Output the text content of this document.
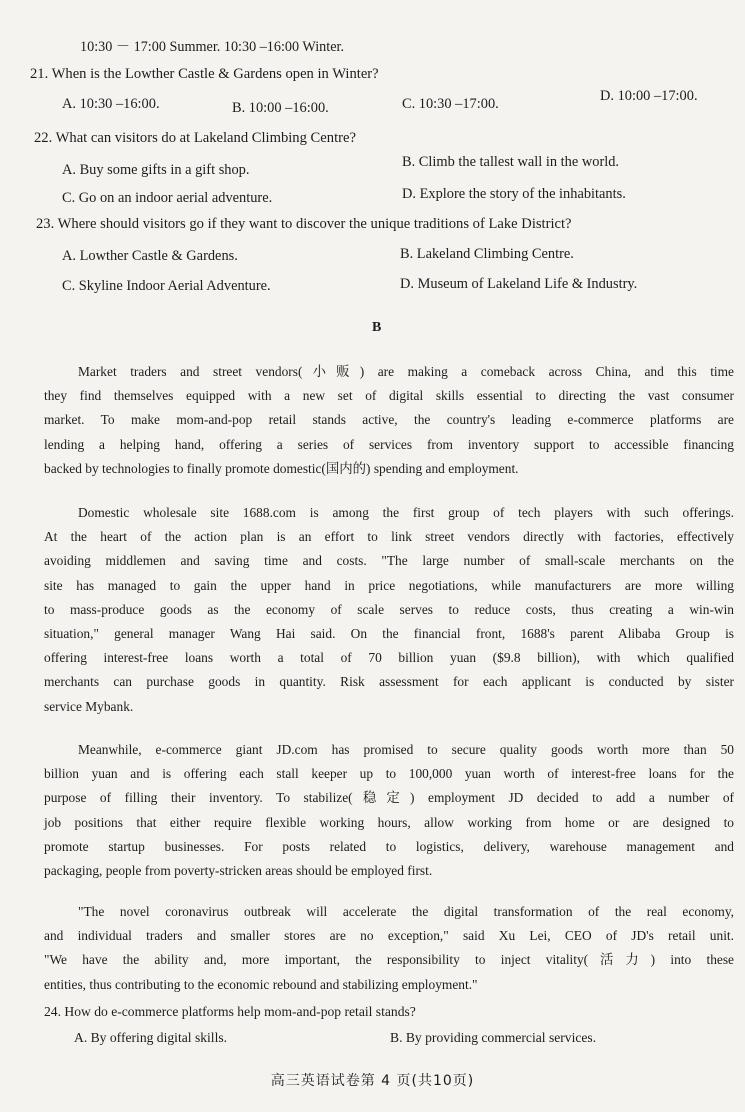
10:30 － 17:00 Summer. 10:30 –16:00 Winter.
21. When is the Lowther Castle & Gardens open in Winter?
A. 10:30 –16:00.	B. 10:00 –16:00.	C. 10:30 –17:00.	D. 10:00 –17:00.
22. What can visitors do at Lakeland Climbing Centre?
A. Buy some gifts in a gift shop.	B. Climb the tallest wall in the world.
C. Go on an indoor aerial adventure.	D. Explore the story of the inhabitants.
23. Where should visitors go if they want to discover the unique traditions of Lake District?
A. Lowther Castle & Gardens.	B. Lakeland Climbing Centre.
C. Skyline Indoor Aerial Adventure.	D. Museum of Lakeland Life & Industry.
B
Market traders and street vendors(小贩) are making a comeback across China, and this time
they find themselves equipped with a new set of digital skills essential to directing the vast consumer
market. To make mom-and-pop retail stands active, the country's leading e-commerce platforms are
lending a helping hand, offering a series of services from inventory support to accessible financing
backed by technologies to finally promote domestic(国内的) spending and employment.
Domestic wholesale site 1688.com is among the first group of tech players with such offerings.
At the heart of the action plan is an effort to link street vendors directly with factories, effectively
avoiding middlemen and saving time and costs. "The large number of small-scale merchants on the
site has managed to gain the upper hand in price negotiations, while manufacturers are more willing
to mass-produce goods as the economy of scale serves to reduce costs, thus creating a win-win
situation," general manager Wang Hai said. On the financial front, 1688's parent Alibaba Group is
offering interest-free loans worth a total of 70 billion yuan ($9.8 billion), with which qualified
merchants can purchase goods in quantity. Risk assessment for each applicant is conducted by sister
service Mybank.
Meanwhile, e-commerce giant JD.com has promised to secure quality goods worth more than 50
billion yuan and is offering each stall keeper up to 100,000 yuan worth of interest-free loans for the
purpose of filling their inventory. To stabilize(稳定) employment JD decided to add a number of
job positions that either require flexible working hours, allow working from home or are designed to
promote startup businesses. For posts related to logistics, delivery, warehouse management and
packaging, people from poverty-stricken areas should be employed first.
"The novel coronavirus outbreak will accelerate the digital transformation of the real economy,
and individual traders and smaller stores are no exception," said Xu Lei, CEO of JD's retail unit.
"We have the ability and, more important, the responsibility to inject vitality(活力) into these
entities, thus contributing to the economic rebound and stabilizing employment."
24. How do e-commerce platforms help mom-and-pop retail stands?
A. By offering digital skills.	B. By providing commercial services.
高三英语试卷第 4 页(共10页)
